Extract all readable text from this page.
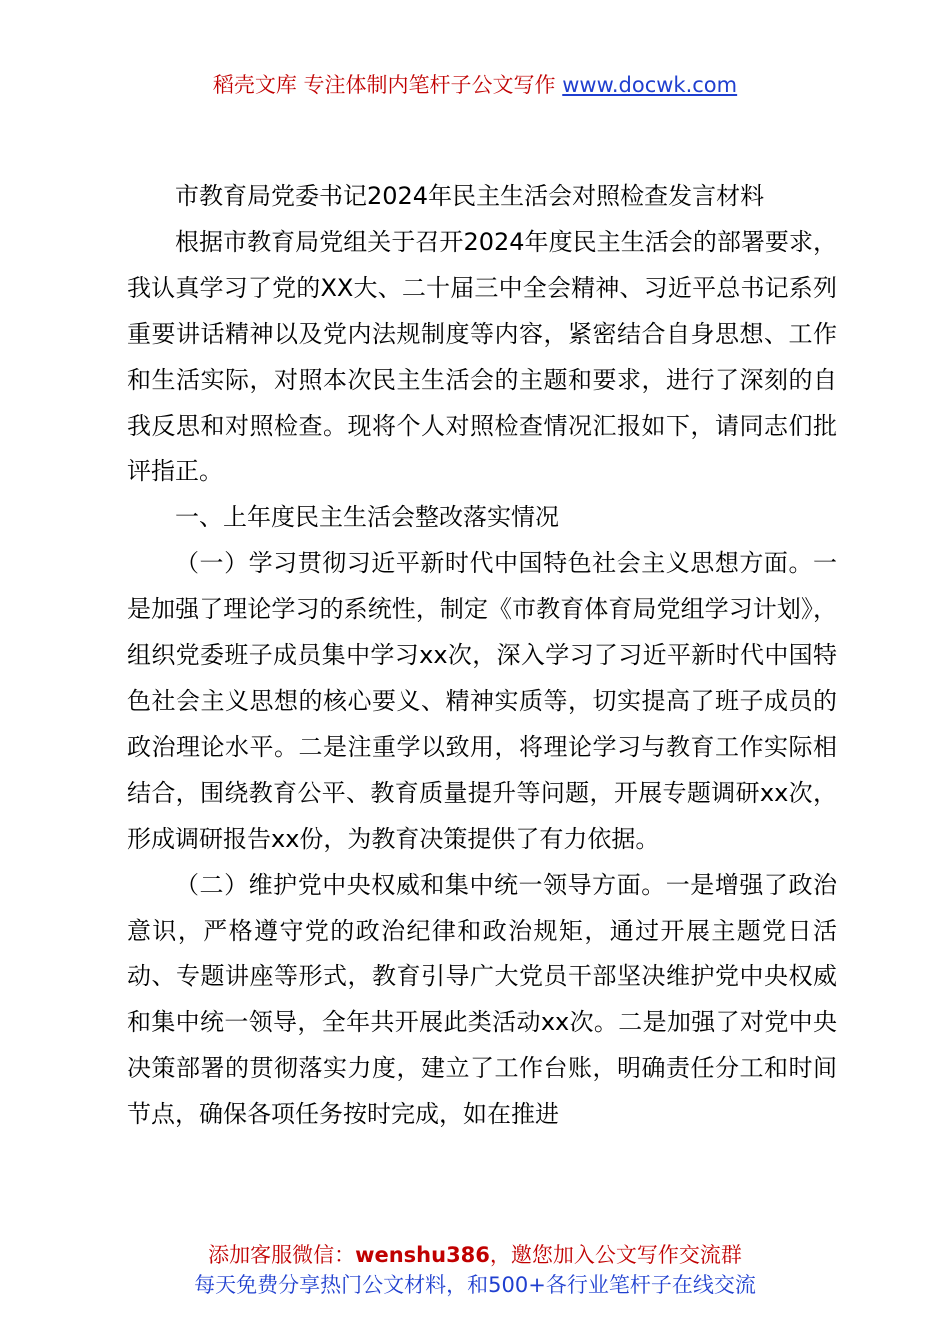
稻壳文库 专注体制内笔杆子公文写作 www.docwk.com

市教育局党委书记2024年民主生活会对照检查发言材料

根据市教育局党组关于召开2024年度民主生活会的部署要求，我认真学习了党的XX大、二十届三中全会精神、习近平总书记系列重要讲话精神以及党内法规制度等内容，紧密结合自身思想、工作和生活实际，对照本次民主生活会的主题和要求，进行了深刻的自我反思和对照检查。现将个人对照检查情况汇报如下，请同志们批评指正。

一、上年度民主生活会整改落实情况

（一）学习贯彻习近平新时代中国特色社会主义思想方面。一是加强了理论学习的系统性，制定《市教育体育局党组学习计划》，组织党委班子成员集中学习xx次，深入学习了习近平新时代中国特色社会主义思想的核心要义、精神实质等，切实提高了班子成员的政治理论水平。二是注重学以致用，将理论学习与教育工作实际相结合，围绕教育公平、教育质量提升等问题，开展专题调研xx次，形成调研报告xx份，为教育决策提供了有力依据。

（二）维护党中央权威和集中统一领导方面。一是增强了政治意识，严格遵守党的政治纪律和政治规矩，通过开展主题党日活动、专题讲座等形式，教育引导广大党员干部坚决维护党中央权威和集中统一领导，全年共开展此类活动xx次。二是加强了对党中央决策部署的贯彻落实力度，建立了工作台账，明确责任分工和时间节点，确保各项任务按时完成，如在推进

添加客服微信：wenshu386，邀您加入公文写作交流群
每天免费分享热门公文材料，和500+各行业笔杆子在线交流
